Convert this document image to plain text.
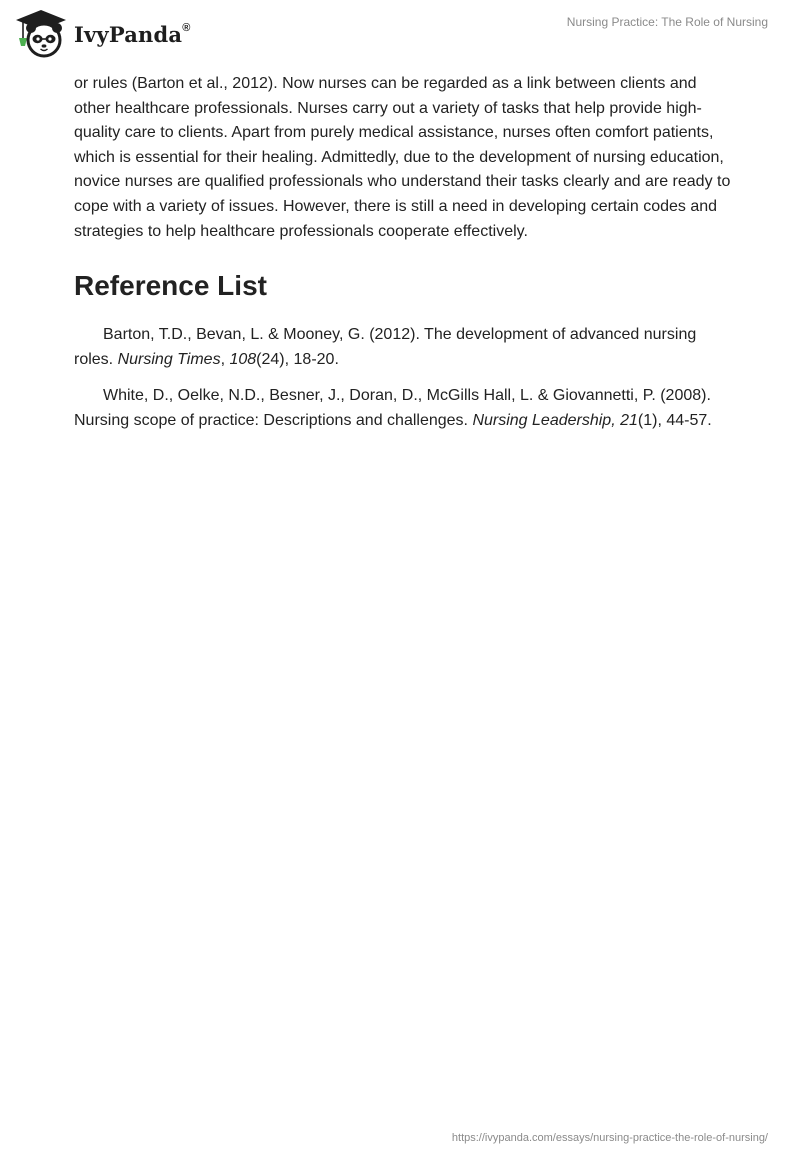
IvyPanda®	Nursing Practice: The Role of Nursing

or rules (Barton et al., 2012). Now nurses can be regarded as a link between clients and other healthcare professionals. Nurses carry out a variety of tasks that help provide high-quality care to clients. Apart from purely medical assistance, nurses often comfort patients, which is essential for their healing. Admittedly, due to the development of nursing education, novice nurses are qualified professionals who understand their tasks clearly and are ready to cope with a variety of issues. However, there is still a need in developing certain codes and strategies to help healthcare professionals cooperate effectively.

Reference List

Barton, T.D., Bevan, L. & Mooney, G. (2012). The development of advanced nursing roles. Nursing Times, 108(24), 18-20.

White, D., Oelke, N.D., Besner, J., Doran, D., McGills Hall, L. & Giovannetti, P. (2008). Nursing scope of practice: Descriptions and challenges. Nursing Leadership, 21(1), 44-57.

https://ivypanda.com/essays/nursing-practice-the-role-of-nursing/
